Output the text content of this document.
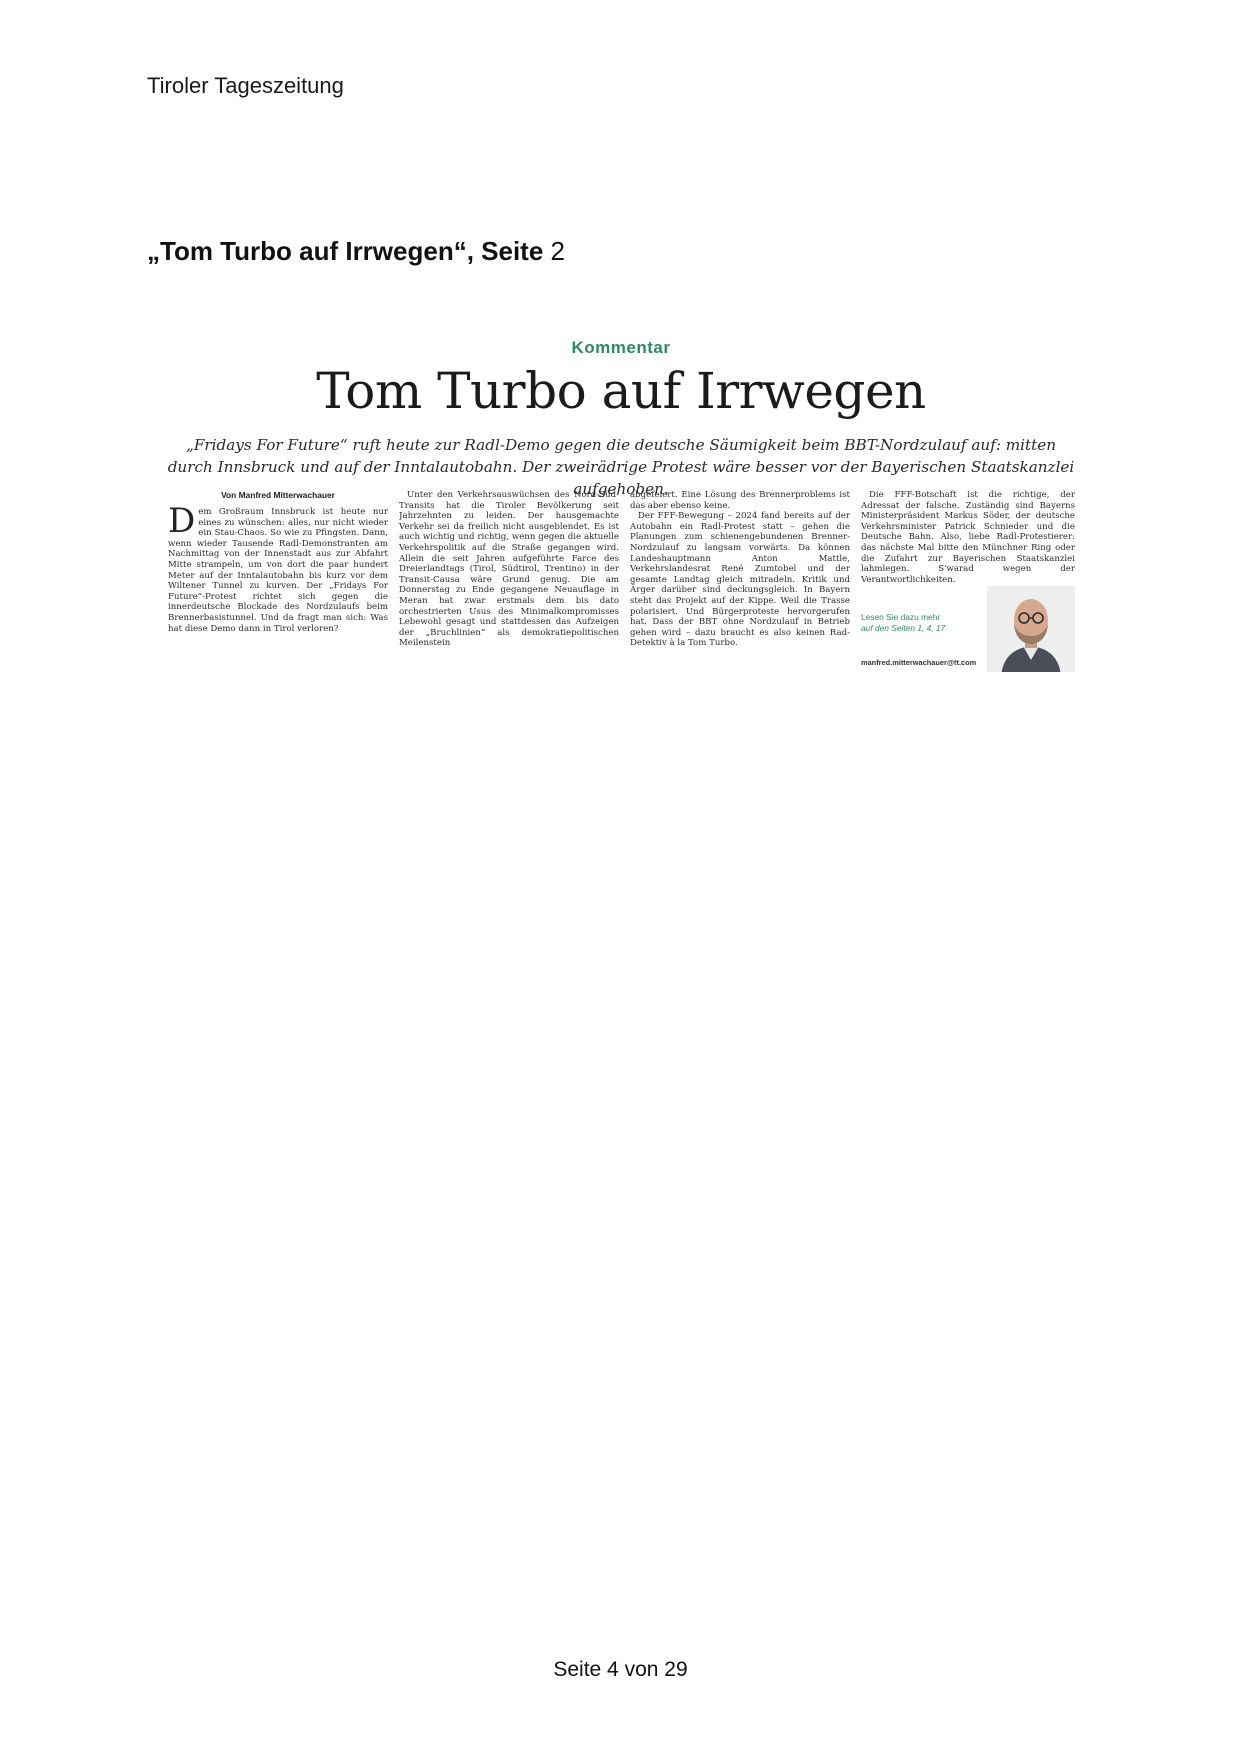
Tiroler Tageszeitung
„Tom Turbo auf Irrwegen“, Seite 2
Kommentar
Tom Turbo auf Irrwegen
„Fridays For Future“ ruft heute zur Radl-Demo gegen die deutsche Säumigkeit beim BBT-Nordzulauf auf: mitten durch Innsbruck und auf der Inntalautobahn. Der zweirädrige Protest wäre besser vor der Bayerischen Staatskanzlei aufgehoben.
Von Manfred Mitterwachauer

Dem Großraum Innsbruck ist heute nur eines zu wünschen: alles, nur nicht wieder ein Stau-Chaos. So wie zu Pfingsten. Dann, wenn wieder Tausende Radl-Demonstranten am Nachmittag von der Innenstadt aus zur Abfahrt Mitte strampeln, um von dort die paar hundert Meter auf der Inntalautobahn bis kurz vor dem Wiltener Tunnel zu kurven. Der „Fridays For Future“-Protest richtet sich gegen die innerdeutsche Blockade des Nordzulaufs beim Brennerbasistunnel. Und da fragt man sich: Was hat diese Demo dann in Tirol verloren?

Unter den Verkehrsauswüchsen des Nord-Süd-Transits hat die Tiroler Bevölkerung seit Jahrzehnten zu leiden. Der hausgemachte Verkehr sei da freilich nicht ausgeblendet. Es ist auch wichtig und richtig, wenn gegen die aktuelle Verkehrspolitik auf die Straße gegangen wird. Allein die seit Jahren aufgeführte Farce des Dreierlandtags (Tirol, Südtirol, Trentino) in der Transit-Causa wäre Grund genug. Die am Donnerstag zu Ende gegangene Neuauflage in Meran hat zwar erstmals dem bis dato orchestrierten Usus des Minimalkompromisses Lebewohl gesagt und stattdessen das Aufzeigen der „Bruchlinien“ als demokratiepolitischen Meilenstein

abgefeiert. Eine Lösung des Brennerproblems ist das aber ebenso keine.

Der FFF-Bewegung – 2024 fand bereits auf der Autobahn ein Radl-Protest statt – gehen die Planungen zum schienengebundenen Brenner-Nordzulauf zu langsam vorwärts. Da können Landeshauptmann Anton Mattle, Verkehrslandesrat René Zumtobel und der gesamte Landtag gleich mitradeln. Kritik und Ärger darüber sind deckungsgleich. In Bayern steht das Projekt auf der Kippe. Weil die Trasse polarisiert. Und Bürgerproteste hervorgerufen hat. Dass der BBT ohne Nordzulauf in Betrieb gehen wird – dazu braucht es also keinen Rad-Detektiv à la Tom Turbo.

Die FFF-Botschaft ist die richtige, der Adressat der falsche. Zuständig sind Bayerns Ministerpräsident Markus Söder, der deutsche Verkehrsminister Patrick Schnieder und die Deutsche Bahn. Also, liebe Radl-Protestierer: das nächste Mal bitte den Münchner Ring oder die Zufahrt zur Bayerischen Staatskanzlei lahmlegen. S'warad wegen der Verantwortlichkeiten.

Lesen Sie dazu mehr
auf den Seiten 1, 4, 17
manfred.mitterwachauer@tt.com
Seite 4 von 29
